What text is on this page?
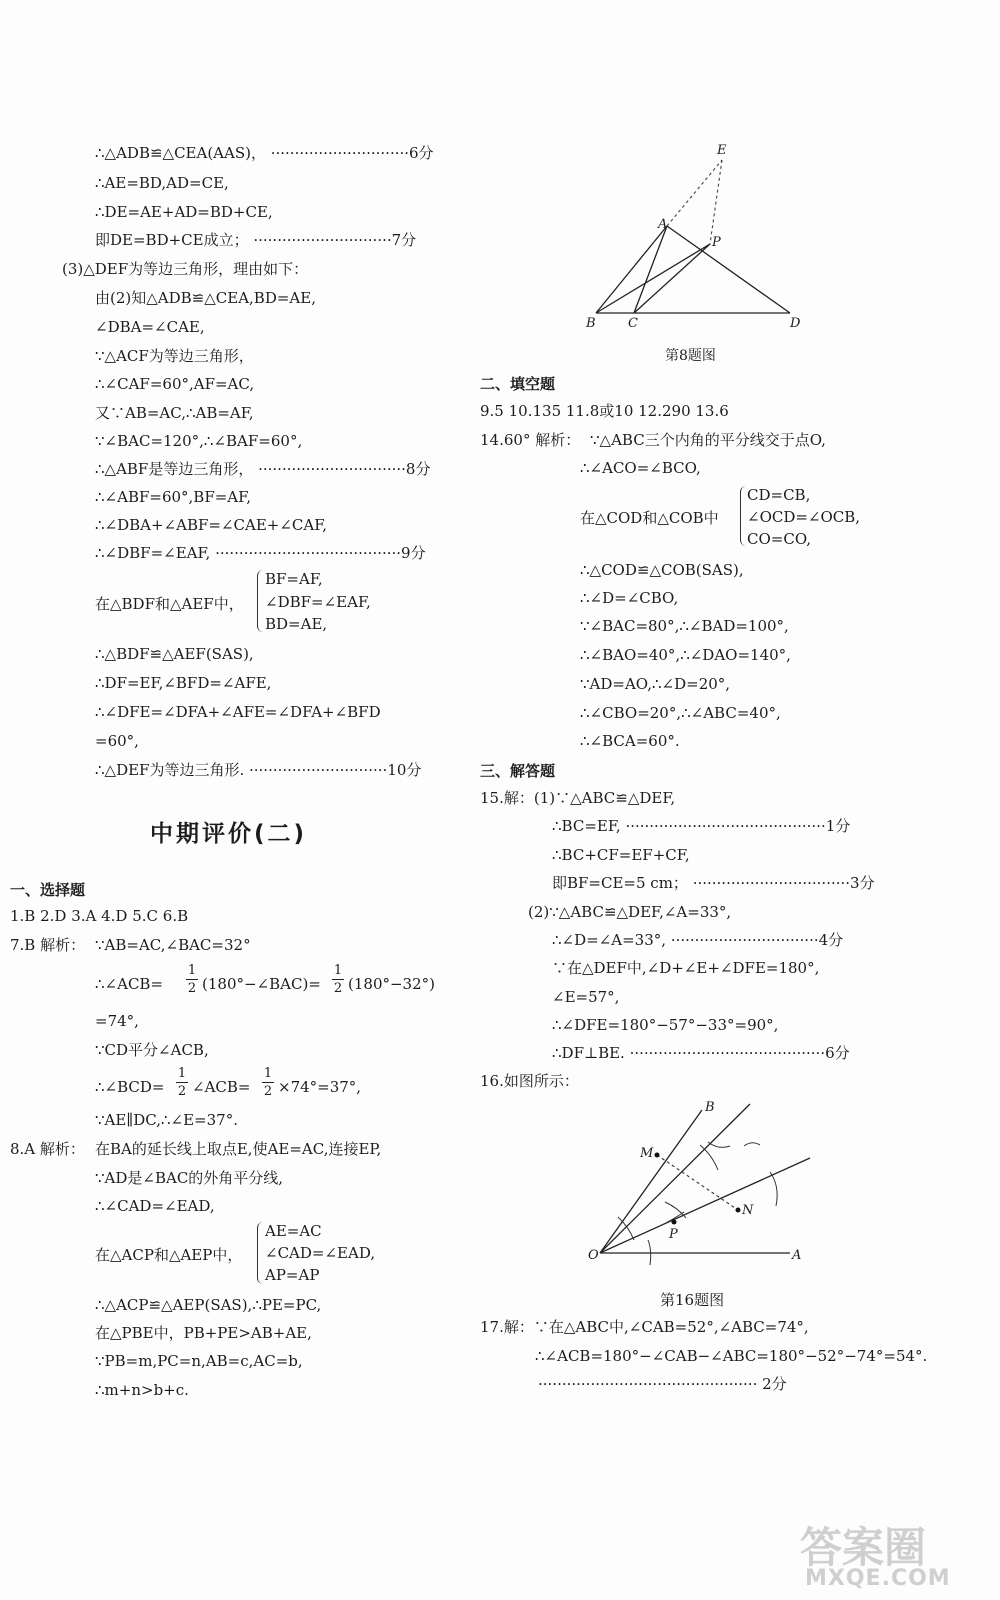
∴△ADB≌△CEA(AAS)， ·····························6分
∴AE=BD,AD=CE,
∴DE=AE+AD=BD+CE,
即DE=BD+CE成立； ·····························7分
(3)△DEF为等边三角形，理由如下：
由(2)知△ADB≌△CEA,BD=AE,
∠DBA=∠CAE,
∵△ACF为等边三角形，
∴∠CAF=60°,AF=AC,
又∵AB=AC,∴AB=AF,
∵∠BAC=120°,∴∠BAF=60°,
∴△ABF是等边三角形， ·······························8分
∴∠ABF=60°,BF=AF,
∴∠DBA+∠ABF=∠CAE+∠CAF,
∴∠DBF=∠EAF, ·······································9分
在△BDF和△AEF中，
BF=AF,
∠DBF=∠EAF,
BD=AE,
∴△BDF≌△AEF(SAS),
∴DF=EF,∠BFD=∠AFE,
∴∠DFE=∠DFA+∠AFE=∠DFA+∠BFD
=60°,
∴△DEF为等边三角形. ·····························10分
中期评价(二)
一、选择题
1.B 2.D 3.A 4.D 5.C 6.B
7.B 解析： ∵AB=AC,∠BAC=32°
∴∠ACB=
1
2 (180°−∠BAC)=
1
2 (180°−32°)
=74°,
∵CD平分∠ACB,
∴∠BCD=
1
2 ∠ACB=
1
2 ×74°=37°,
∵AE∥DC,∴∠E=37°.
8.A 解析： 在BA的延长线上取点E,使AE=AC,连接EP,
∵AD是∠BAC的外角平分线,
∴∠CAD=∠EAD,
在△ACP和△AEP中，
AE=AC
∠CAD=∠EAD,
AP=AP
∴△ACP≌△AEP(SAS),∴PE=PC,
在△PBE中，PB+PE>AB+AE,
∵PB=m,PC=n,AB=c,AC=b,
∴m+n>b+c.
E
A
P
B C	D
第8题图
二、填空题
9.5 10.135 11.8或10 12.290 13.6
14.60° 解析： ∵△ABC三个内角的平分线交于点O,
∴∠ACO=∠BCO,
在△COD和△COB中
CD=CB,
∠OCD=∠OCB,
CO=CO,
∴△COD≌△COB(SAS),
∴∠D=∠CBO,
∵∠BAC=80°,∴∠BAD=100°,
∴∠BAO=40°,∴∠DAO=140°,
∵AD=AO,∴∠D=20°,
∴∠CBO=20°,∴∠ABC=40°,
∴∠BCA=60°.
三、解答题
15.解：(1)∵△ABC≌△DEF,
∴BC=EF, ··········································1分
∴BC+CF=EF+CF,
即BF=CE=5 cm； ·································3分
(2)∵△ABC≌△DEF,∠A=33°,
∴∠D=∠A=33°, ·······························4分
∵在△DEF中,∠D+∠E+∠DFE=180°,
∠E=57°,
∴∠DFE=180°−57°−33°=90°,
∴DF⊥BE. ·········································6分
16.如图所示：
B
M
N
P
O	A
第16题图
17.解：∵在△ABC中,∠CAB=52°,∠ABC=74°,
∴∠ACB=180°−∠CAB−∠ABC=180°−52°−74°=54°.
·············································· 2分
答案圈
MXQE.COM
